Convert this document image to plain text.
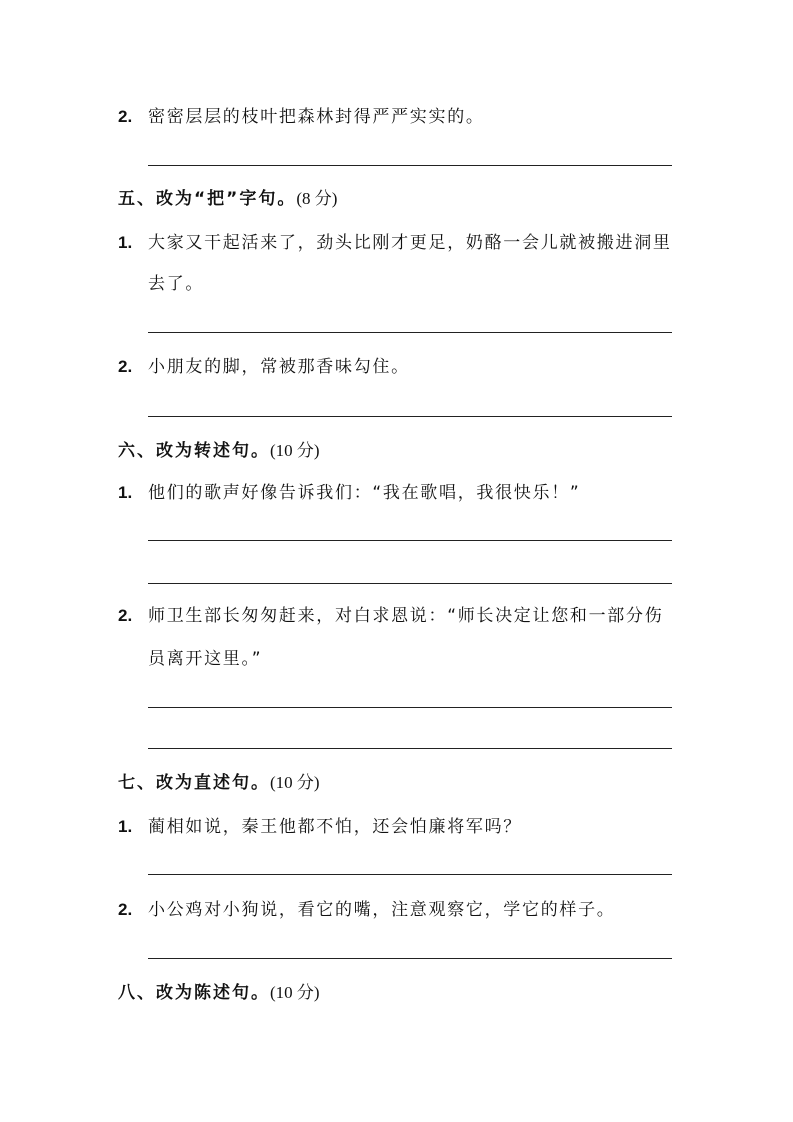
2. 密密层层的枝叶把森林封得严严实实的。
五、改为“把”字句。(8 分)
1. 大家又干起活来了，劲头比刚才更足，奶酪一会儿就被搬进洞里
去了。
2. 小朋友的脚，常被那香味勾住。
六、改为转述句。(10 分)
1. 他们的歌声好像告诉我们：“我在歌唱，我很快乐！”
2. 师卫生部长匆匆赶来，对白求恩说：“师长决定让您和一部分伤
员离开这里。”
七、改为直述句。(10 分)
1. 蔺相如说，秦王他都不怕，还会怕廉将军吗？
2. 小公鸡对小狗说，看它的嘴，注意观察它，学它的样子。
八、改为陈述句。(10 分)
